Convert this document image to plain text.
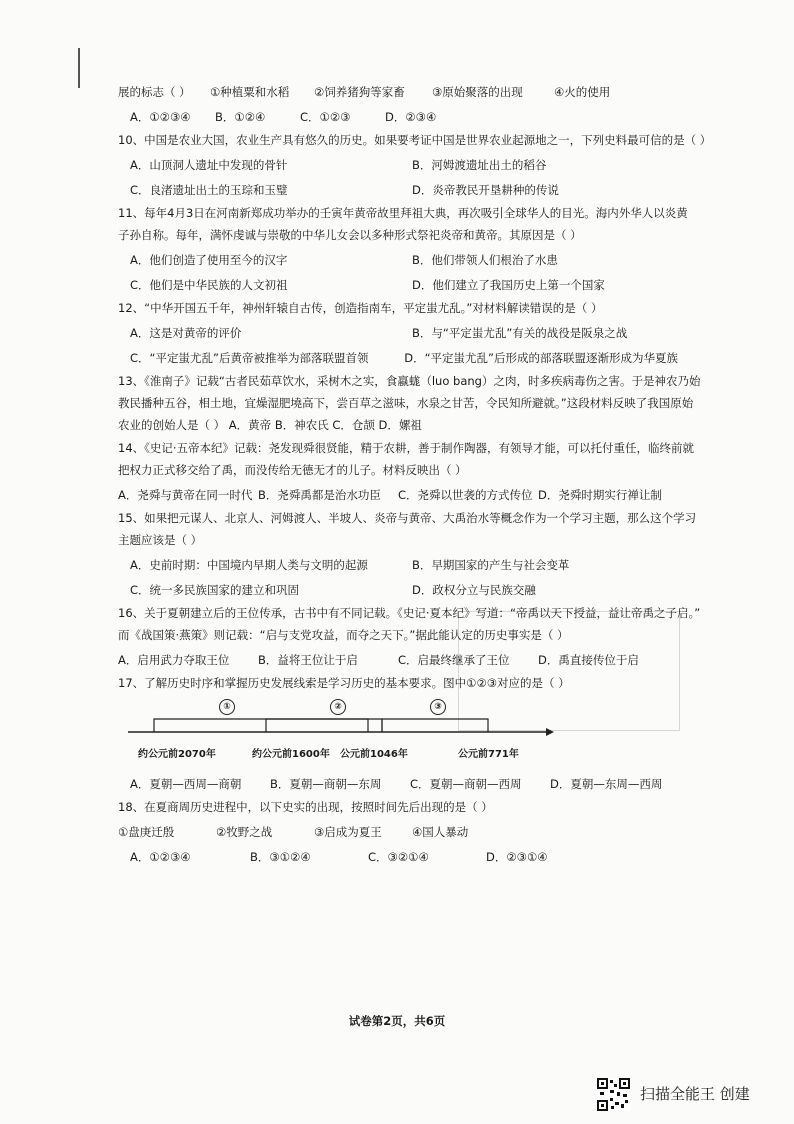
展的标志（ ）	①种植粟和水稻	②饲养猪狗等家畜	③原始聚落的出现	④火的使用
A．①②③④	B．①②④	C．①②③	D．②③④
10、中国是农业大国，农业生产具有悠久的历史。如果要考证中国是世界农业起源地之一，下列史料最可信的是（ ）
A．山顶洞人遗址中发现的骨针	B．河姆渡遗址出土的稻谷
C．良渚遗址出土的玉琮和玉璧	D．炎帝教民开垦耕种的传说
11、每年4月3日在河南新郑成功举办的壬寅年黄帝故里拜祖大典，再次吸引全球华人的目光。海内外华人以炎黄
子孙自称。每年，满怀虔诚与崇敬的中华儿女会以多种形式祭祀炎帝和黄帝。其原因是（ ）
A．他们创造了使用至今的汉字	B．他们带领人们根治了水患
C．他们是中华民族的人文初祖	D．他们建立了我国历史上第一个国家
12、“中华开国五千年，神州轩辕自古传，创造指南车，平定蚩尤乱。”对材料解读错误的是（ ）
A．这是对黄帝的评价	B．与“平定蚩尤乱”有关的战役是阪泉之战
C．“平定蚩尤乱”后黄帝被推举为部落联盟首领	D．“平定蚩尤乱”后形成的部落联盟逐渐形成为华夏族
13、《淮南子》记载“古者民茹草饮水，采树木之实，食蠃蛖（luo bang）之肉，时多疾病毒伤之害。于是神农乃始
教民播种五谷，相土地，宜燥湿肥墝高下，尝百草之滋味，水泉之甘苦，令民知所避就。”这段材料反映了我国原始
农业的创始人是（ ） A．黄帝 B．神农氏 C．仓颉 D．嫘祖
14、《史记·五帝本纪》记载：尧发现舜很贤能，精于农耕，善于制作陶器，有领导才能，可以托付重任，临终前就
把权力正式移交给了禹，而没传给无德无才的儿子。材料反映出（ ）
A．尧舜与黄帝在同一时代 B．尧舜禹都是治水功臣	C．尧舜以世袭的方式传位 D．尧舜时期实行禅让制
15、如果把元谋人、北京人、河姆渡人、半坡人、炎帝与黄帝、大禹治水等概念作为一个学习主题，那么这个学习
主题应该是（ ）
A．史前时期：中国境内早期人类与文明的起源	B．早期国家的产生与社会变革
C．统一多民族国家的建立和巩固	D．政权分立与民族交融
16、关于夏朝建立后的王位传承，古书中有不同记载。《史记·夏本纪》写道：“帝禹以天下授益，益让帝禹之子启。”
而《战国策·燕策》则记载：“启与支党攻益，而夺之天下。”据此能认定的历史事实是（ ）
A．启用武力夺取王位	B．益将王位让于启	C．启最终继承了王位	D．禹直接传位于启
17、了解历史时序和掌握历史发展线索是学习历史的基本要求。图中①②③对应的是（ ）
①	②	③
约公元前2070年	约公元前1600年 公元前1046年	公元前771年
A．夏朝—西周—商朝	B．夏朝—商朝—东周	C．夏朝—商朝—西周	D．夏朝—东周—西周
18、在夏商周历史进程中，以下史实的出现，按照时间先后出现的是（ ）
①盘庚迁殷	②牧野之战	③启成为夏王	④国人暴动
A．①②③④	B．③①②④	C．③②①④	D．②③①④
试卷第2页，共6页
扫描全能王 创建
